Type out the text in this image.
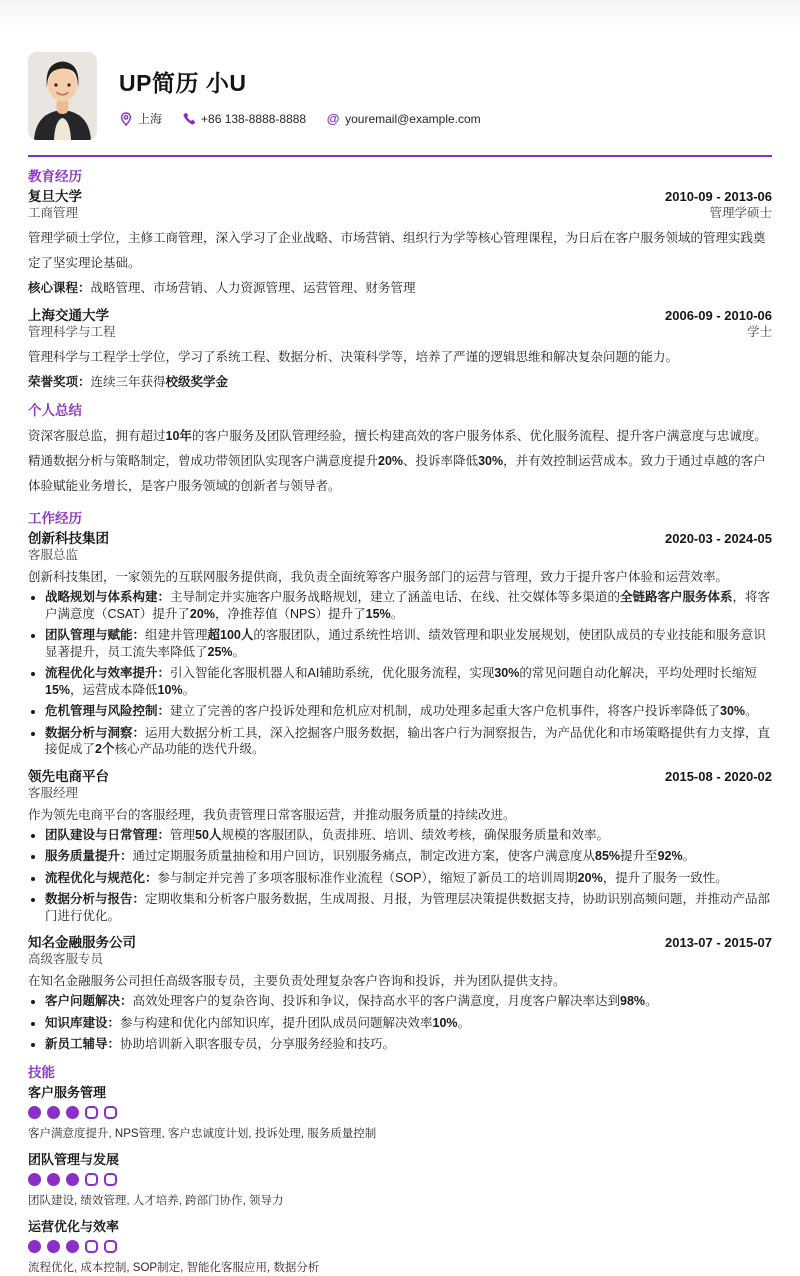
UP简历 小U
上海	+86 138-8888-8888 @ youremail@example.com
教育经历
复旦大学	2010-09 - 2013-06
工商管理	管理学硕士

管理学硕士学位，主修工商管理，深入学习了企业战略、市场营销、组织行为学等核心管理课程，为日后在客户服务领域的管理实践奠定了坚实理论基础。

核心课程：战略管理、市场营销、人力资源管理、运营管理、财务管理

上海交通大学	2006-09 - 2010-06
管理科学与工程	学士

管理科学与工程学士学位，学习了系统工程、数据分析、决策科学等，培养了严谨的逻辑思维和解决复杂问题的能力。

荣誉奖项：连续三年获得校级奖学金

个人总结

资深客服总监，拥有超过10年的客户服务及团队管理经验，擅长构建高效的客户服务体系、优化服务流程、提升客户满意度与忠诚度。精通数据分析与策略制定，曾成功带领团队实现客户满意度提升20%、投诉率降低30%，并有效控制运营成本。致力于通过卓越的客户体验赋能业务增长，是客户服务领域的创新者与领导者。

工作经历
创新科技集团	2020-03 - 2024-05
客服总监

创新科技集团，一家领先的互联网服务提供商，我负责全面统筹客户服务部门的运营与管理，致力于提升客户体验和运营效率。

• 战略规划与体系构建：主导制定并实施客户服务战略规划，建立了涵盖电话、在线、社交媒体等多渠道的全链路客户服务体系，将客户满意度（CSAT）提升了20%，净推荐值（NPS）提升了15%。
• 团队管理与赋能：组建并管理超100人的客服团队，通过系统性培训、绩效管理和职业发展规划，使团队成员的专业技能和服务意识显著提升，员工流失率降低了25%。
• 流程优化与效率提升：引入智能化客服机器人和AI辅助系统，优化服务流程，实现30%的常见问题自动化解决，平均处理时长缩短15%，运营成本降低10%。
• 危机管理与风险控制：建立了完善的客户投诉处理和危机应对机制，成功处理多起重大客户危机事件，将客户投诉率降低了30%。
• 数据分析与洞察：运用大数据分析工具，深入挖掘客户服务数据，输出客户行为洞察报告，为产品优化和市场策略提供有力支撑，直接促成了2个核心产品功能的迭代升级。
领先电商平台	2015-08 - 2020-02
客服经理

作为领先电商平台的客服经理，我负责管理日常客服运营，并推动服务质量的持续改进。

• 团队建设与日常管理：管理50人规模的客服团队，负责排班、培训、绩效考核，确保服务质量和效率。
• 服务质量提升：通过定期服务质量抽检和用户回访，识别服务痛点，制定改进方案，使客户满意度从85%提升至92%。
• 流程优化与规范化：参与制定并完善了多项客服标准作业流程（SOP），缩短了新员工的培训周期20%，提升了服务一致性。
• 数据分析与报告：定期收集和分析客户服务数据，生成周报、月报，为管理层决策提供数据支持，协助识别高频问题，并推动产品部门进行优化。
知名金融服务公司	2013-07 - 2015-07
高级客服专员

在知名金融服务公司担任高级客服专员，主要负责处理复杂客户咨询和投诉，并为团队提供支持。

• 客户问题解决：高效处理客户的复杂咨询、投诉和争议，保持高水平的客户满意度，月度客户解决率达到98%。
• 知识库建设：参与构建和优化内部知识库，提升团队成员问题解决效率10%。
• 新员工辅导：协助培训新入职客服专员，分享服务经验和技巧。
技能
客户服务管理
客户满意度提升, NPS管理, 客户忠诚度计划, 投诉处理, 服务质量控制
团队管理与发展
团队建设, 绩效管理, 人才培养, 跨部门协作, 领导力
运营优化与效率
流程优化, 成本控制, SOP制定, 智能化客服应用, 数据分析
